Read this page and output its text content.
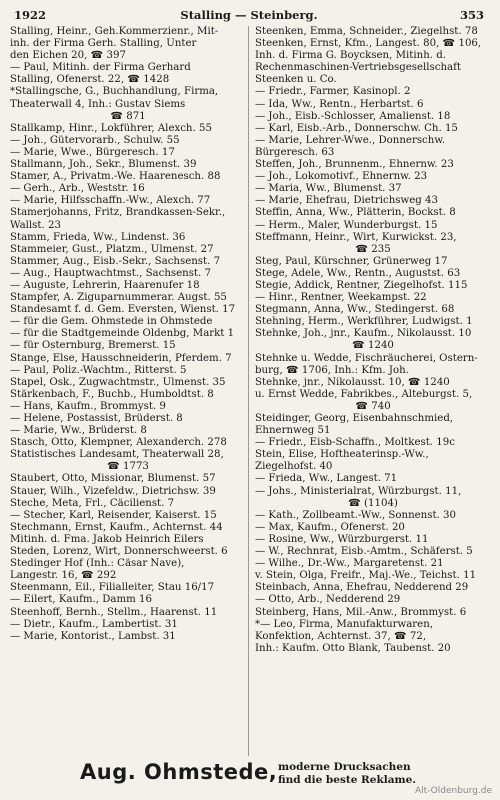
1922	Stalling — Steinberg.	353
Stalling, Heinr., Geh.Kommerzienr., Mit-
inh. der Firma Gerh. Stalling, Unter
den Eichen 20, ☎ 397
— Paul, Mitinh. der Firma Gerhard
Stalling, Ofenerst. 22, ☎ 1428
*Stallingsche, G., Buchhandlung, Firma,
Theaterwall 4, Inh.: Gustav Siems
☎ 871
Stallkamp, Hinr., Lokführer, Alexch. 55
— Joh., Gütervorarb., Schulw. 55
— Marie, Wwe., Bürgeresch. 17
Stallmann, Joh., Sekr., Blumenst. 39
Stamer, A., Privatm.-We. Haarenesch. 88
— Gerh., Arb., Weststr. 16
— Marie, Hilfsschaffn.-Ww., Alexch. 77
Stamerjohanns, Fritz, Brandkassen-Sekr.,
Wallst. 23
Stamm, Frieda, Ww., Lindenst. 36
Stammeier, Gust., Platzm., Ulmenst. 27
Stammer, Aug., Eisb.-Sekr., Sachsenst. 7
— Aug., Hauptwachtmst., Sachsenst. 7
— Auguste, Lehrerin, Haarenufer 18
Stampfer, A. Ziguparnummerar. Augst. 55
Standesamt f. d. Gem. Eversten, Wienst. 17
— für die Gem. Ohmstede in Ohmstede
— für die Stadtgemeinde Oldenbg, Markt 1
— für Osternburg, Bremerst. 15
Stange, Else, Hausschneiderin, Pferdem. 7
— Paul, Poliz.-Wachtm., Ritterst. 5
Stapel, Osk., Zugwachtmstr., Ulmenst. 35
Stärkenbach, F., Buchb., Humboldtst. 8
— Hans, Kaufm., Brommyst. 9
— Helene, Postassist, Brüderst. 8
— Marie, Ww., Brüderst. 8
Stasch, Otto, Klempner, Alexanderch. 278
Statistisches Landesamt, Theaterwall 28,
☎ 1773
Staubert, Otto, Missionar, Blumenst. 57
Stauer, Wilh., Vizefeldw., Dietrichsw. 39
Steche, Meta, Frl., Cäcilienst. 7
— Stecher, Karl, Reisender, Kaiserst. 15
Stechmann, Ernst, Kaufm., Achternst. 44
Mitinh. d. Fma. Jakob Heinrich Eilers
Steden, Lorenz, Wirt, Donnerschweerst. 6
Stedinger Hof (Inh.: Cäsar Nave),
Langestr. 16, ☎ 292
Steenmann, Eil., Filialleiter, Stau 16/17
— Eilert, Kaufm., Damm 16
Steenhoff, Bernh., Stellm., Haarenst. 11
— Dietr., Kaufm., Lambertist. 31
— Marie, Kontorist., Lambst. 31
Steenken, Emma, Schneider., Ziegelhst. 78
Steenken, Ernst, Kfm., Langest. 80, ☎ 106,
Inh. d. Firma G. Boycksen, Mitinh. d.
Rechenmaschinen-Vertriebsgesellschaft
Steenken u. Co.
— Friedr., Farmer, Kasinopl. 2
— Ida, Ww., Rentn., Herbartst. 6
— Joh., Eisb.-Schlosser, Amalienst. 18
— Karl, Eisb.-Arb., Donnerschw. Ch. 15
— Marie, Lehrer-Wwe., Donnerschw.
Bürgeresch. 63
Steffen, Joh., Brunnenm., Ehnernw. 23
— Joh., Lokomotivf., Ehnernw. 23
— Maria, Ww., Blumenst. 37
— Marie, Ehefrau, Dietrichsweg 43
Steffin, Anna, Ww., Plätterin, Bockst. 8
— Herm., Maler, Wunderburgst. 15
Steffmann, Heinr., Wirt, Kurwickst. 23,
☎ 235
Steg, Paul, Kürschner, Grünerweg 17
Stege, Adele, Ww., Rentn., Augustst. 63
Stegie, Addick, Rentner, Ziegelhofst. 115
— Hinr., Rentner, Weekampst. 22
Stegmann, Anna, Ww., Stedingerst. 68
Stehning, Herm., Werkführer, Ludwigst. 1
Stehnke, Joh., jnr., Kaufm., Nikolausst. 10
☎ 1240
Stehnke u. Wedde, Fischräucherei, Ostern-
burg, ☎ 1706, Inh.: Kfm. Joh.
Stehnke, jnr., Nikolausst. 10, ☎ 1240
u. Ernst Wedde, Fabrikbes., Alteburgst. 5,
☎ 740
Steidinger, Georg, Eisenbahnschmied,
Ehnernweg 51
— Friedr., Eisb-Schaffn., Moltkest. 19c
Stein, Elise, Hoftheaterinsp.-Ww.,
Ziegelhofst. 40
— Frieda, Ww., Langest. 71
— Johs., Ministerialrat, Würzburgst. 11,
☎ (1104)
— Kath., Zollbeamt.-Ww., Sonnenst. 30
— Max, Kaufm., Ofenerst. 20
— Rosine, Ww., Würzburgerst. 11
— W., Rechnrat, Eisb.-Amtm., Schäferst. 5
— Wilhe., Dr.-Ww., Margaretenst. 21
v. Stein, Olga, Freifr., Maj.-We., Teichst. 11
Steinbach, Anna, Ehefrau, Nedderend 29
— Otto, Arb., Nedderend 29
Steinberg, Hans, Mil.-Anw., Brommyst. 6
*— Leo, Firma, Manufakturwaren,
Konfektion, Achternst. 37, ☎ 72,
Inh.: Kaufm. Otto Blank, Taubenst. 20
Aug. Ohmstede, moderne Drucksachen
find die beste Reklame.
Alt-Oldenburg.de
